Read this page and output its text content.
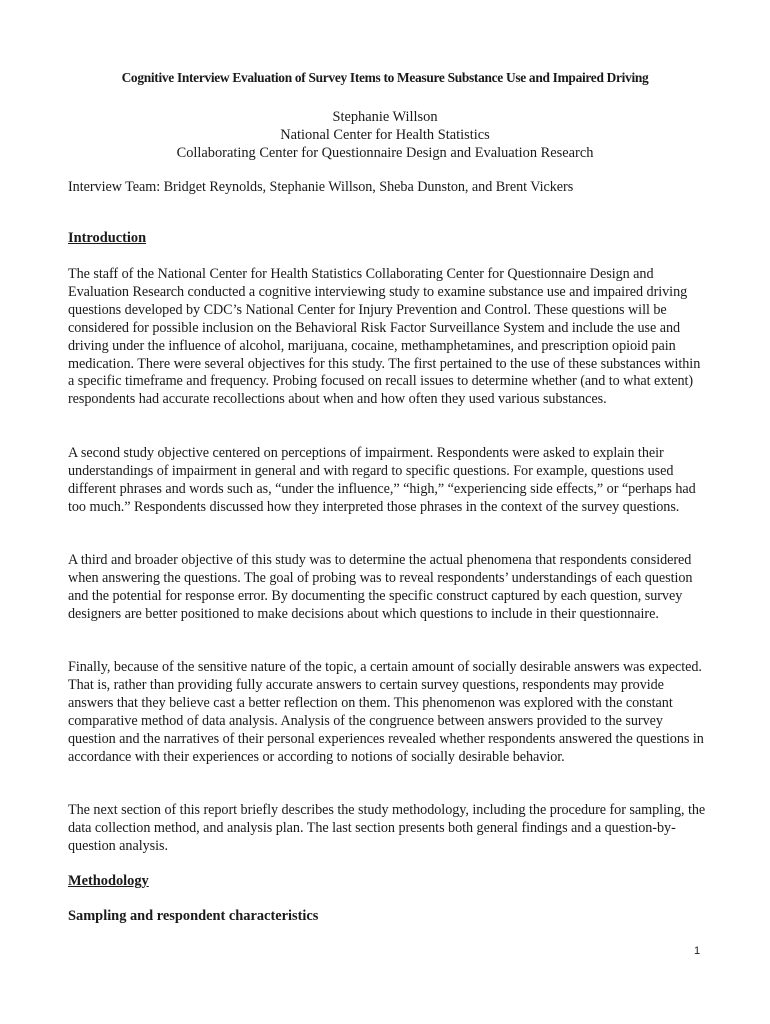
Cognitive Interview Evaluation of Survey Items to Measure Substance Use and Impaired Driving

Stephanie Willson

National Center for Health Statistics

Collaborating Center for Questionnaire Design and Evaluation Research

Interview Team: Bridget Reynolds, Stephanie Willson, Sheba Dunston, and Brent Vickers

Introduction

The staff of the National Center for Health Statistics Collaborating Center for Questionnaire Design and Evaluation Research conducted a cognitive interviewing study to examine substance use and impaired driving questions developed by CDC’s National Center for Injury Prevention and Control. These questions will be considered for possible inclusion on the Behavioral Risk Factor Surveillance System and include the use and driving under the influence of alcohol, marijuana, cocaine, methamphetamines, and prescription opioid pain medication. There were several objectives for this study. The first pertained to the use of these substances within a specific timeframe and frequency. Probing focused on recall issues to determine whether (and to what extent) respondents had accurate recollections about when and how often they used various substances.

A second study objective centered on perceptions of impairment. Respondents were asked to explain their understandings of impairment in general and with regard to specific questions. For example, questions used different phrases and words such as, “under the influence,” “high,” “experiencing side effects,” or “perhaps had too much.” Respondents discussed how they interpreted those phrases in the context of the survey questions.

A third and broader objective of this study was to determine the actual phenomena that respondents considered when answering the questions. The goal of probing was to reveal respondents’ understandings of each question and the potential for response error. By documenting the specific construct captured by each question, survey designers are better positioned to make decisions about which questions to include in their questionnaire.

Finally, because of the sensitive nature of the topic, a certain amount of socially desirable answers was expected. That is, rather than providing fully accurate answers to certain survey questions, respondents may provide answers that they believe cast a better reflection on them. This phenomenon was explored with the constant comparative method of data analysis. Analysis of the congruence between answers provided to the survey question and the narratives of their personal experiences revealed whether respondents answered the questions in accordance with their experiences or according to notions of socially desirable behavior.

The next section of this report briefly describes the study methodology, including the procedure for sampling, the data collection method, and analysis plan. The last section presents both general findings and a question-by-question analysis.

Methodology

Sampling and respondent characteristics

1
